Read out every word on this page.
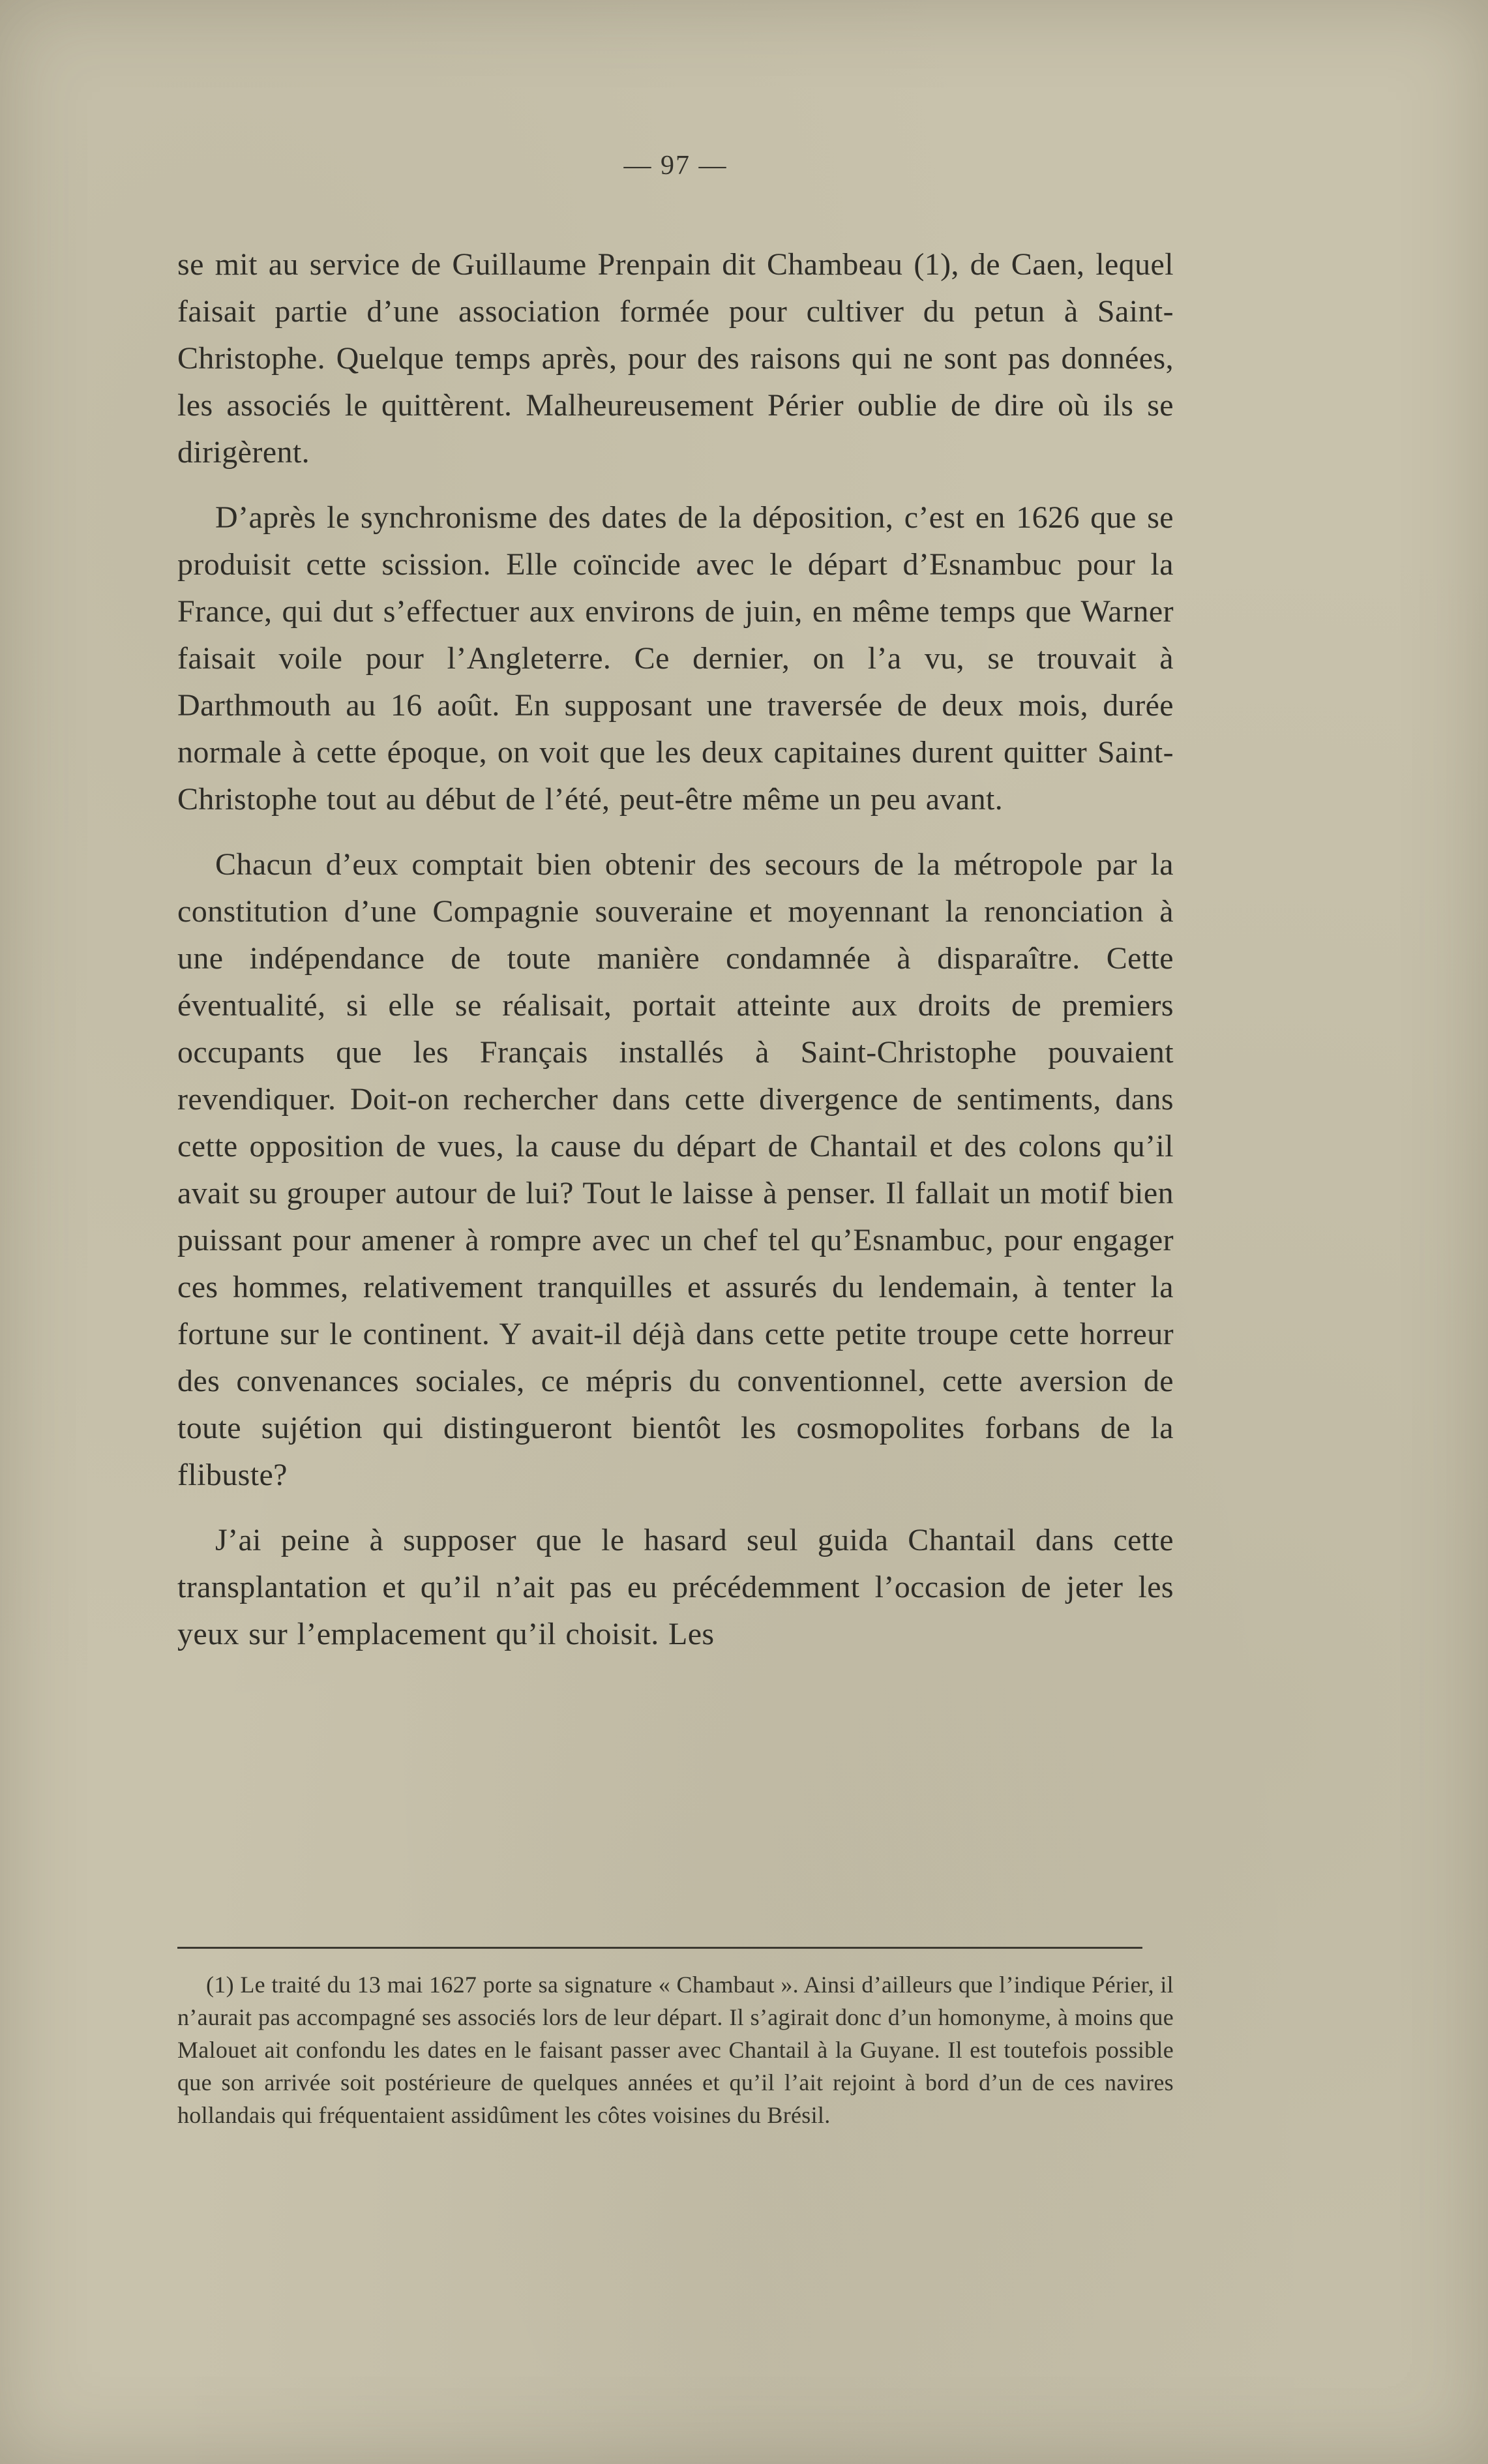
— 97 —

se mit au service de Guillaume Prenpain dit Chambeau (1), de Caen, lequel faisait partie d’une association formée pour cultiver du petun à Saint-Christophe. Quelque temps après, pour des raisons qui ne sont pas données, les associés le quittèrent. Malheureusement Périer oublie de dire où ils se dirigèrent.

D’après le synchronisme des dates de la déposition, c’est en 1626 que se produisit cette scission. Elle coïncide avec le départ d’Esnambuc pour la France, qui dut s’effectuer aux environs de juin, en même temps que Warner faisait voile pour l’Angleterre. Ce dernier, on l’a vu, se trouvait à Darthmouth au 16 août. En supposant une traversée de deux mois, durée normale à cette époque, on voit que les deux capitaines durent quitter Saint-Christophe tout au début de l’été, peut-être même un peu avant.

Chacun d’eux comptait bien obtenir des secours de la métropole par la constitution d’une Compagnie souveraine et moyennant la renonciation à une indépendance de toute manière condamnée à disparaître. Cette éventualité, si elle se réalisait, portait atteinte aux droits de premiers occupants que les Français installés à Saint-Christophe pouvaient revendiquer. Doit-on rechercher dans cette divergence de sentiments, dans cette opposition de vues, la cause du départ de Chantail et des colons qu’il avait su grouper autour de lui? Tout le laisse à penser. Il fallait un motif bien puissant pour amener à rompre avec un chef tel qu’Esnambuc, pour engager ces hommes, relativement tranquilles et assurés du lendemain, à tenter la fortune sur le continent. Y avait-il déjà dans cette petite troupe cette horreur des convenances sociales, ce mépris du conventionnel, cette aversion de toute sujétion qui distingueront bientôt les cosmopolites forbans de la flibuste?

J’ai peine à supposer que le hasard seul guida Chantail dans cette transplantation et qu’il n’ait pas eu précédemment l’occasion de jeter les yeux sur l’emplacement qu’il choisit. Les

(1) Le traité du 13 mai 1627 porte sa signature « Chambaut ». Ainsi d’ailleurs que l’indique Périer, il n’aurait pas accompagné ses associés lors de leur départ. Il s’agirait donc d’un homonyme, à moins que Malouet ait confondu les dates en le faisant passer avec Chantail à la Guyane. Il est toutefois possible que son arrivée soit postérieure de quelques années et qu’il l’ait rejoint à bord d’un de ces navires hollandais qui fréquentaient assidûment les côtes voisines du Brésil.
